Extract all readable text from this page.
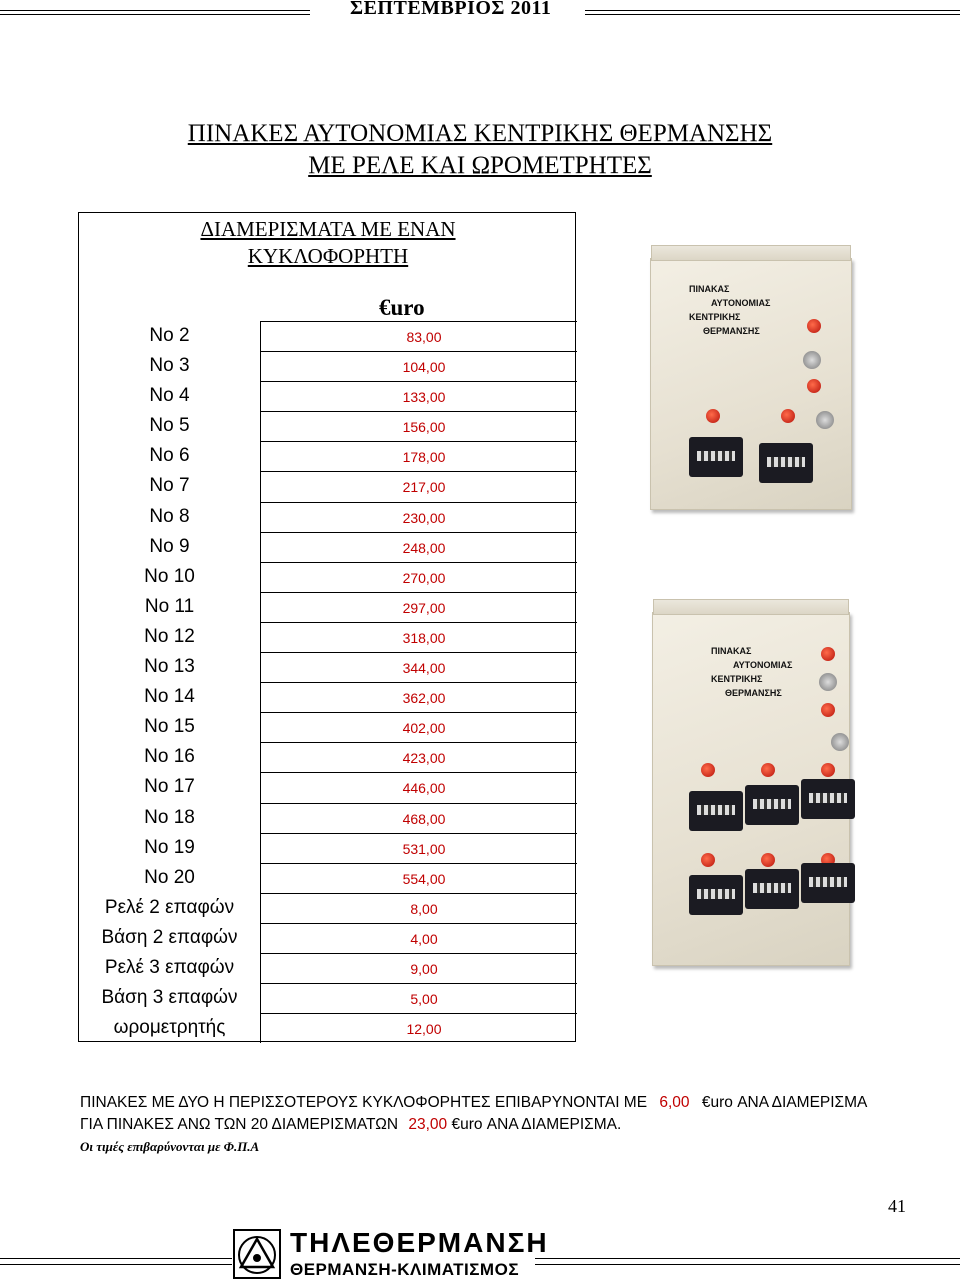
ΣΕΠΤΕΜΒΡΙΟΣ 2011
ΠΙΝΑΚΕΣ ΑΥΤΟΝΟΜΙΑΣ ΚΕΝΤΡΙΚΗΣ ΘΕΡΜΑΝΣΗΣ
ΜΕ ΡΕΛΕ ΚΑΙ ΩΡΟΜΕΤΡΗΤΕΣ
ΔΙΑΜΕΡΙΣΜΑΤΑ ΜΕ ΕΝΑΝ
ΚΥΚΛΟΦΟΡΗΤΗ
€uro
No 2	83,00
No 3	104,00
No 4	133,00
No 5	156,00
No 6	178,00
No 7	217,00
No 8	230,00
No 9	248,00
No 10	270,00
No 11	297,00
No 12	318,00
No 13	344,00
No 14	362,00
No 15	402,00
No 16	423,00
No 17	446,00
No 18	468,00
No 19	531,00
No 20	554,00
Ρελέ 2 επαφών	8,00
Βάση 2 επαφών	4,00
Ρελέ 3 επαφών	9,00
Βάση 3 επαφών	5,00
ωρομετρητής	12,00
ΠΙΝΑΚΑΣ
ΑΥΤΟΝΟΜΙΑΣ
ΚΕΝΤΡΙΚΗΣ
ΘΕΡΜΑΝΣΗΣ
ΠΙΝΑΚΑΣ
ΑΥΤΟΝΟΜΙΑΣ
ΚΕΝΤΡΙΚΗΣ
ΘΕΡΜΑΝΣΗΣ
ΠΙΝΑΚΕΣ ΜΕ ΔΥΟ Η ΠΕΡΙΣΣΟΤΕΡΟΥΣ ΚΥΚΛΟΦΟΡΗΤΕΣ ΕΠΙΒΑΡΥΝΟΝΤΑΙ ΜΕ 6,00 €uro ΑΝΑ ΔΙΑΜΕΡΙΣΜΑ
ΓΙΑ ΠΙΝΑΚΕΣ ΑΝΩ ΤΩΝ 20 ΔΙΑΜΕΡΙΣΜΑΤΩΝ 23,00 €uro ΑΝΑ ΔΙΑΜΕΡΙΣΜΑ.
Οι τιμές επιβαρύνονται με Φ.Π.Α
41
ΤΗΛΕΘΕΡΜΑΝΣΗ
ΘΕΡΜΑΝΣΗ-ΚΛΙΜΑΤΙΣΜΟΣ
